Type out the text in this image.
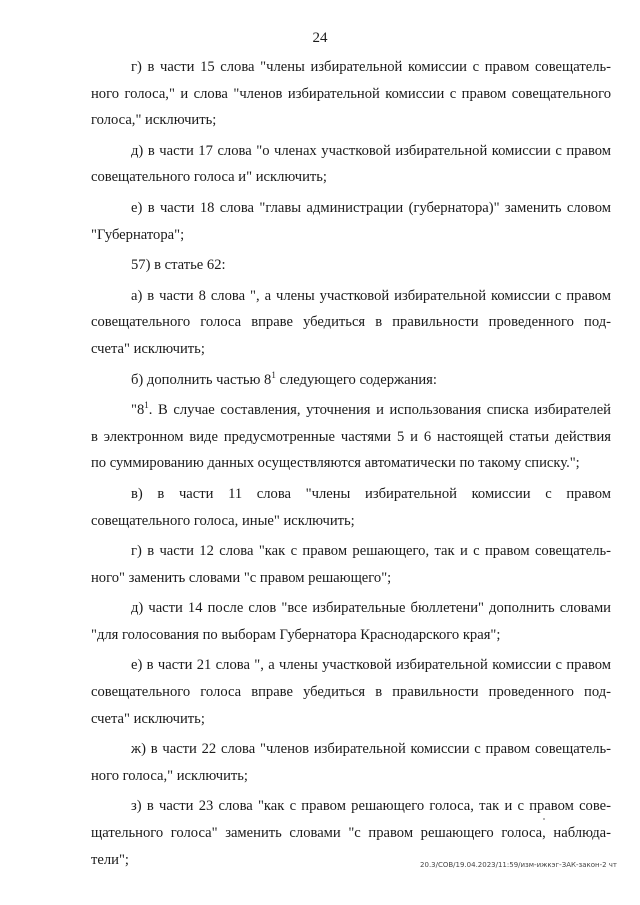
24
г) в части 15 слова "члены избирательной комиссии с правом совещатель-
ного голоса," и слова "членов избирательной комиссии с правом совещательного
голоса," исключить;
д) в части 17 слова "о членах участковой избирательной комиссии с правом
совещательного голоса и" исключить;
е) в части 18 слова "главы администрации (губернатора)" заменить словом
"Губернатора";
57) в статье 62:
а) в части 8 слова ", а члены участковой избирательной комиссии с правом
совещательного голоса вправе убедиться в правильности проведенного под-
счета" исключить;
б) дополнить частью $8^1$ следующего содержания:
"$8^1$. В случае составления, уточнения и использования списка избирателей
в электронном виде предусмотренные частями 5 и 6 настоящей статьи действия
по суммированию данных осуществляются автоматически по такому списку.";
в) в части 11 слова "члены избирательной комиссии с правом
совещательного голоса, иные" исключить;
г) в части 12 слова "как с правом решающего, так и с правом совещатель-
ного" заменить словами "с правом решающего";
д) части 14 после слов "все избирательные бюллетени" дополнить словами
"для голосования по выборам Губернатора Краснодарского края";
е) в части 21 слова ", а члены участковой избирательной комиссии с правом
совещательного голоса вправе убедиться в правильности проведенного под-
счета" исключить;
ж) в части 22 слова "членов избирательной комиссии с правом совещатель-
ного голоса," исключить;
з) в части 23 слова "как с правом решающего голоса, так и с правом сове-
щательного голоса" заменить словами "с правом решающего голоса, наблюда-
тели";	20.3/СОВ/19.04.2023/11:59/изм-ижкэг-ЗАК-закон-2 чт
